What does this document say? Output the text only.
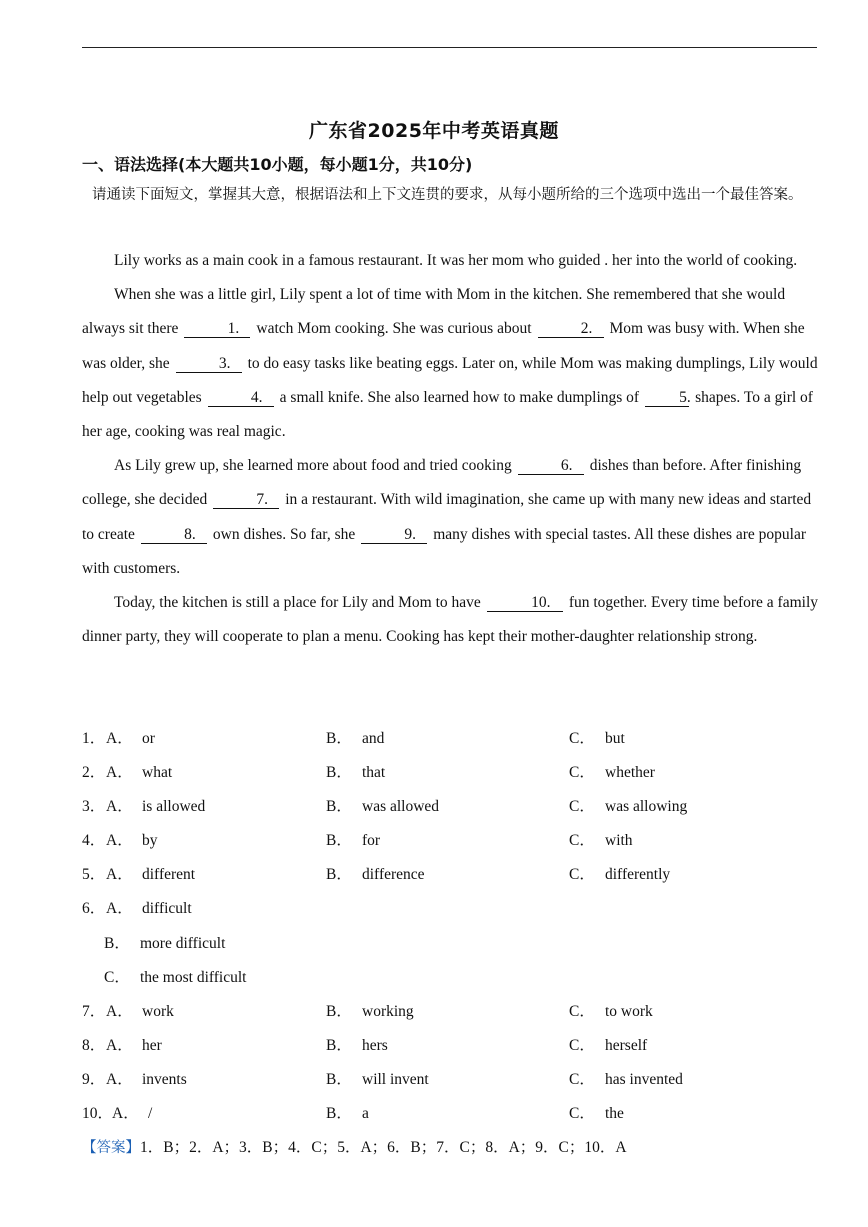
广东省2025年中考英语真题
一、语法选择(本大题共10小题，每小题1分，共10分)
请通读下面短文，掌握其大意，根据语法和上下文连贯的要求，从每小题所给的三个选项中选出一个最佳答案。

Lily works as a main cook in a famous restaurant. It was her mom who guided . her into the world of cooking.

When she was a little girl, Lily spent a lot of time with Mom in the kitchen. She remembered that she would always sit there	1. watch Mom cooking. She was curious about	2. Mom was busy with. When she was older, she	3. to do easy tasks like beating eggs. Later on, while Mom was making dumplings, Lily would help out vegetables	4. a small knife. She also learned how to make dumplings of	5. shapes. To a girl of her age, cooking was real magic.

As Lily grew up, she learned more about food and tried cooking	6. dishes than before. After finishing college, she decided	7. in a restaurant. With wild imagination, she came up with many new ideas and started to create	8. own dishes. So far, she	9. many dishes with special tastes. All these dishes are popular with customers.

Today, the kitchen is still a place for Lily and Mom to have	10. fun together. Every time before a family dinner party, they will cooperate to plan a menu. Cooking has kept their mother-daughter relationship strong.

1． A． or	B． and	C． but
2． A． what	B． that	C． whether
3． A． is allowed	B． was allowed	C． was allowing
4． A． by	B． for	C． with
5． A． different	B． difference	C． differently
6． A． difficult
B． more difficult
C． the most difficult
7． A． work	B． working	C． to work
8． A． her	B． hers	C． herself
9． A． invents	B． will invent	C． has invented
10．
A． /	B． a	C． the
【答案】1．B；2．A；3．B；4．C；5．A；6．B；7．C；8．A；9．C；10．A
